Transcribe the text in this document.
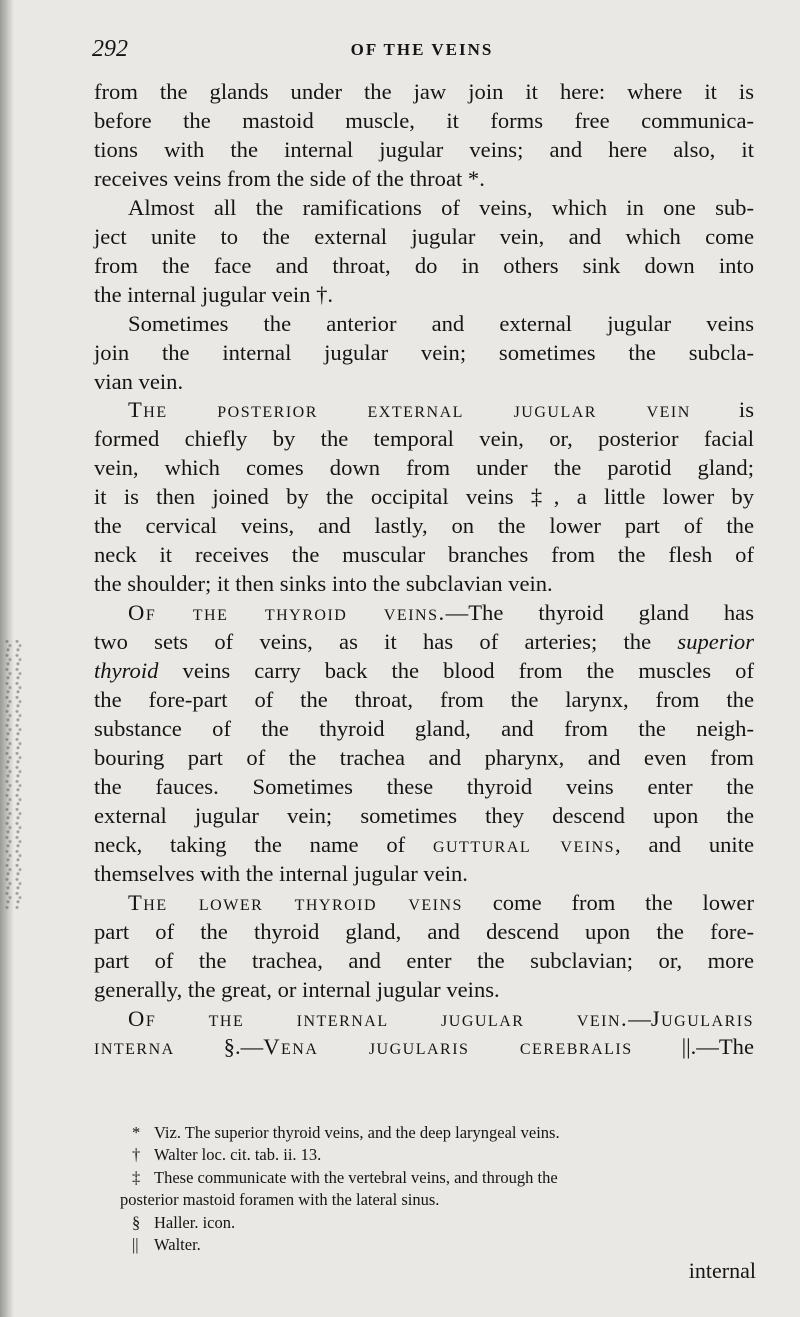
292	OF THE VEINS
from the glands under the jaw join it here: where it is
before the mastoid muscle, it forms free communica-
tions with the internal jugular veins; and here also, it
receives veins from the side of the throat *.
Almost all the ramifications of veins, which in one sub-
ject unite to the external jugular vein, and which come
from the face and throat, do in others sink down into
the internal jugular vein †.
Sometimes the anterior and external jugular veins
join the internal jugular vein; sometimes the subcla-
vian vein.
The posterior external jugular vein is
formed chiefly by the temporal vein, or, posterior facial
vein, which comes down from under the parotid gland;
it is then joined by the occipital veins ‡, a little lower by
the cervical veins, and lastly, on the lower part of the
neck it receives the muscular branches from the flesh of
the shoulder; it then sinks into the subclavian vein.
Of the thyroid veins.—The thyroid gland has
two sets of veins, as it has of arteries; the superior
thyroid veins carry back the blood from the muscles of
the fore-part of the throat, from the larynx, from the
substance of the thyroid gland, and from the neigh-
bouring part of the trachea and pharynx, and even from
the fauces. Sometimes these thyroid veins enter the
external jugular vein; sometimes they descend upon the
neck, taking the name of guttural veins, and unite
themselves with the internal jugular vein.
The lower thyroid veins come from the lower
part of the thyroid gland, and descend upon the fore-
part of the trachea, and enter the subclavian; or, more
generally, the great, or internal jugular veins.
Of the internal jugular vein.—Jugularis
interna §.—Vena jugularis cerebralis ||.—The
* Viz. The superior thyroid veins, and the deep laryngeal veins.
† Walter loc. cit. tab. ii. 13.
‡ These communicate with the vertebral veins, and through the
posterior mastoid foramen with the lateral sinus.
§ Haller. icon.
|| Walter.
internal
